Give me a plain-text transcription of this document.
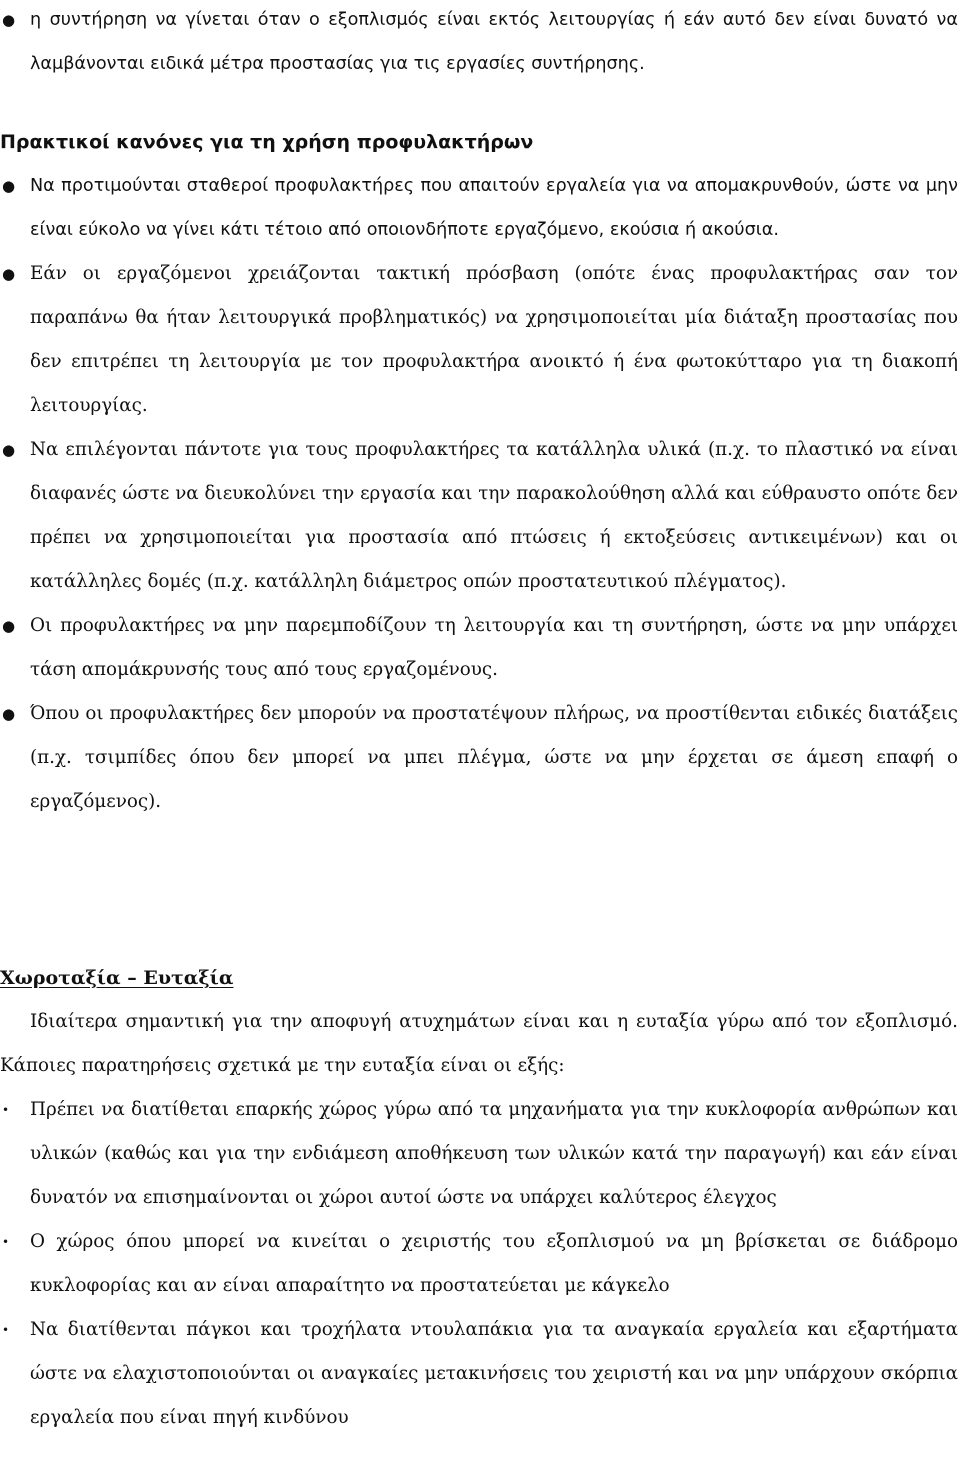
● η συντήρηση να γίνεται όταν ο εξοπλισμός είναι εκτός λειτουργίας ή εάν αυτό δεν είναι δυνατό να λαμβάνονται ειδικά μέτρα προστασίας για τις εργασίες συντήρησης.
Πρακτικοί κανόνες για τη χρήση προφυλακτήρων
● Να προτιμούνται σταθεροί προφυλακτήρες που απαιτούν εργαλεία για να απομακρυνθούν, ώστε να μην είναι εύκολο να γίνει κάτι τέτοιο από οποιονδήποτε εργαζόμενο, εκούσια ή ακούσια.
● Εάν οι εργαζόμενοι χρειάζονται τακτική πρόσβαση (οπότε ένας προφυλακτήρας σαν τον παραπάνω θα ήταν λειτουργικά προβληματικός) να χρησιμοποιείται μία διάταξη προστασίας που δεν επιτρέπει τη λειτουργία με τον προφυλακτήρα ανοικτό ή ένα φωτοκύτταρο για τη διακοπή λειτουργίας.
● Να επιλέγονται πάντοτε για τους προφυλακτήρες τα κατάλληλα υλικά (π.χ. το πλαστικό να είναι διαφανές ώστε να διευκολύνει την εργασία και την παρακολούθηση αλλά και εύθραυστο οπότε δεν πρέπει να χρησιμοποιείται για προστασία από πτώσεις ή εκτοξεύσεις αντικειμένων) και οι κατάλληλες δομές (π.χ. κατάλληλη διάμετρος οπών προστατευτικού πλέγματος).
● Οι προφυλακτήρες να μην παρεμποδίζουν τη λειτουργία και τη συντήρηση, ώστε να μην υπάρχει τάση απομάκρυνσής τους από τους εργαζομένους.
● Όπου οι προφυλακτήρες δεν μπορούν να προστατέψουν πλήρως, να προστίθενται ειδικές διατάξεις (π.χ. τσιμπίδες όπου δεν μπορεί να μπει πλέγμα, ώστε να μην έρχεται σε άμεση επαφή ο εργαζόμενος).
Χωροταξία – Ευταξία

Ιδιαίτερα σημαντική για την αποφυγή ατυχημάτων είναι και η ευταξία γύρω από τον εξοπλισμό. Κάποιες παρατηρήσεις σχετικά με την ευταξία είναι οι εξής:

•	Πρέπει να διατίθεται επαρκής χώρος γύρω από τα μηχανήματα για την κυκλοφορία ανθρώπων και υλικών (καθώς και για την ενδιάμεση αποθήκευση των υλικών κατά την παραγωγή) και εάν είναι δυνατόν να επισημαίνονται οι χώροι αυτοί ώστε να υπάρχει καλύτερος έλεγχος
•	Ο χώρος όπου μπορεί να κινείται ο χειριστής του εξοπλισμού να μη βρίσκεται σε διάδρομο κυκλοφορίας και αν είναι απαραίτητο να προστατεύεται με κάγκελο
•	Να διατίθενται πάγκοι και τροχήλατα ντουλαπάκια για τα αναγκαία εργαλεία και εξαρτήματα ώστε να ελαχιστοποιούνται οι αναγκαίες μετακινήσεις του χειριστή και να μην υπάρχουν σκόρπια εργαλεία που είναι πηγή κινδύνου
